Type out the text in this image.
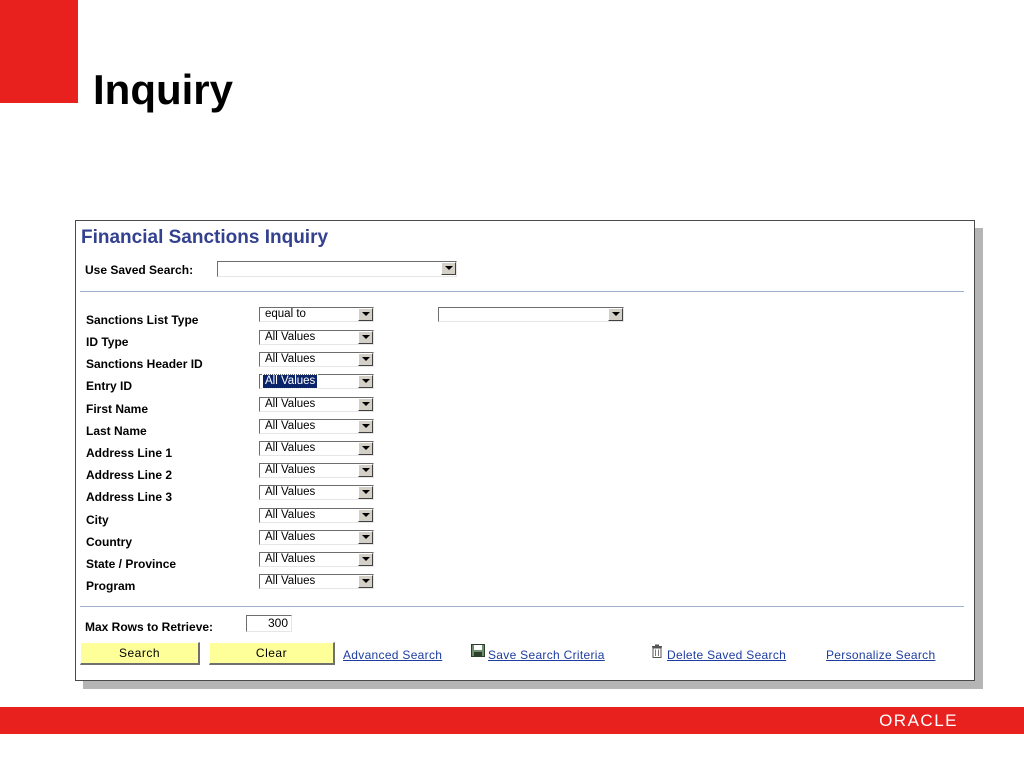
Inquiry
Financial Sanctions Inquiry
Use Saved Search:
Sanctions List Type	equal to
ID Type	All Values
Sanctions Header ID	All Values
Entry ID	All Values
First Name	All Values
Last Name	All Values
Address Line 1	All Values
Address Line 2	All Values
Address Line 3	All Values
City	All Values
Country	All Values
State / Province	All Values
Program	All Values
Max Rows to Retrieve:	300
Search	Clear	Advanced Search	Save Search Criteria	Delete Saved Search	Personalize Search
ORACLE
